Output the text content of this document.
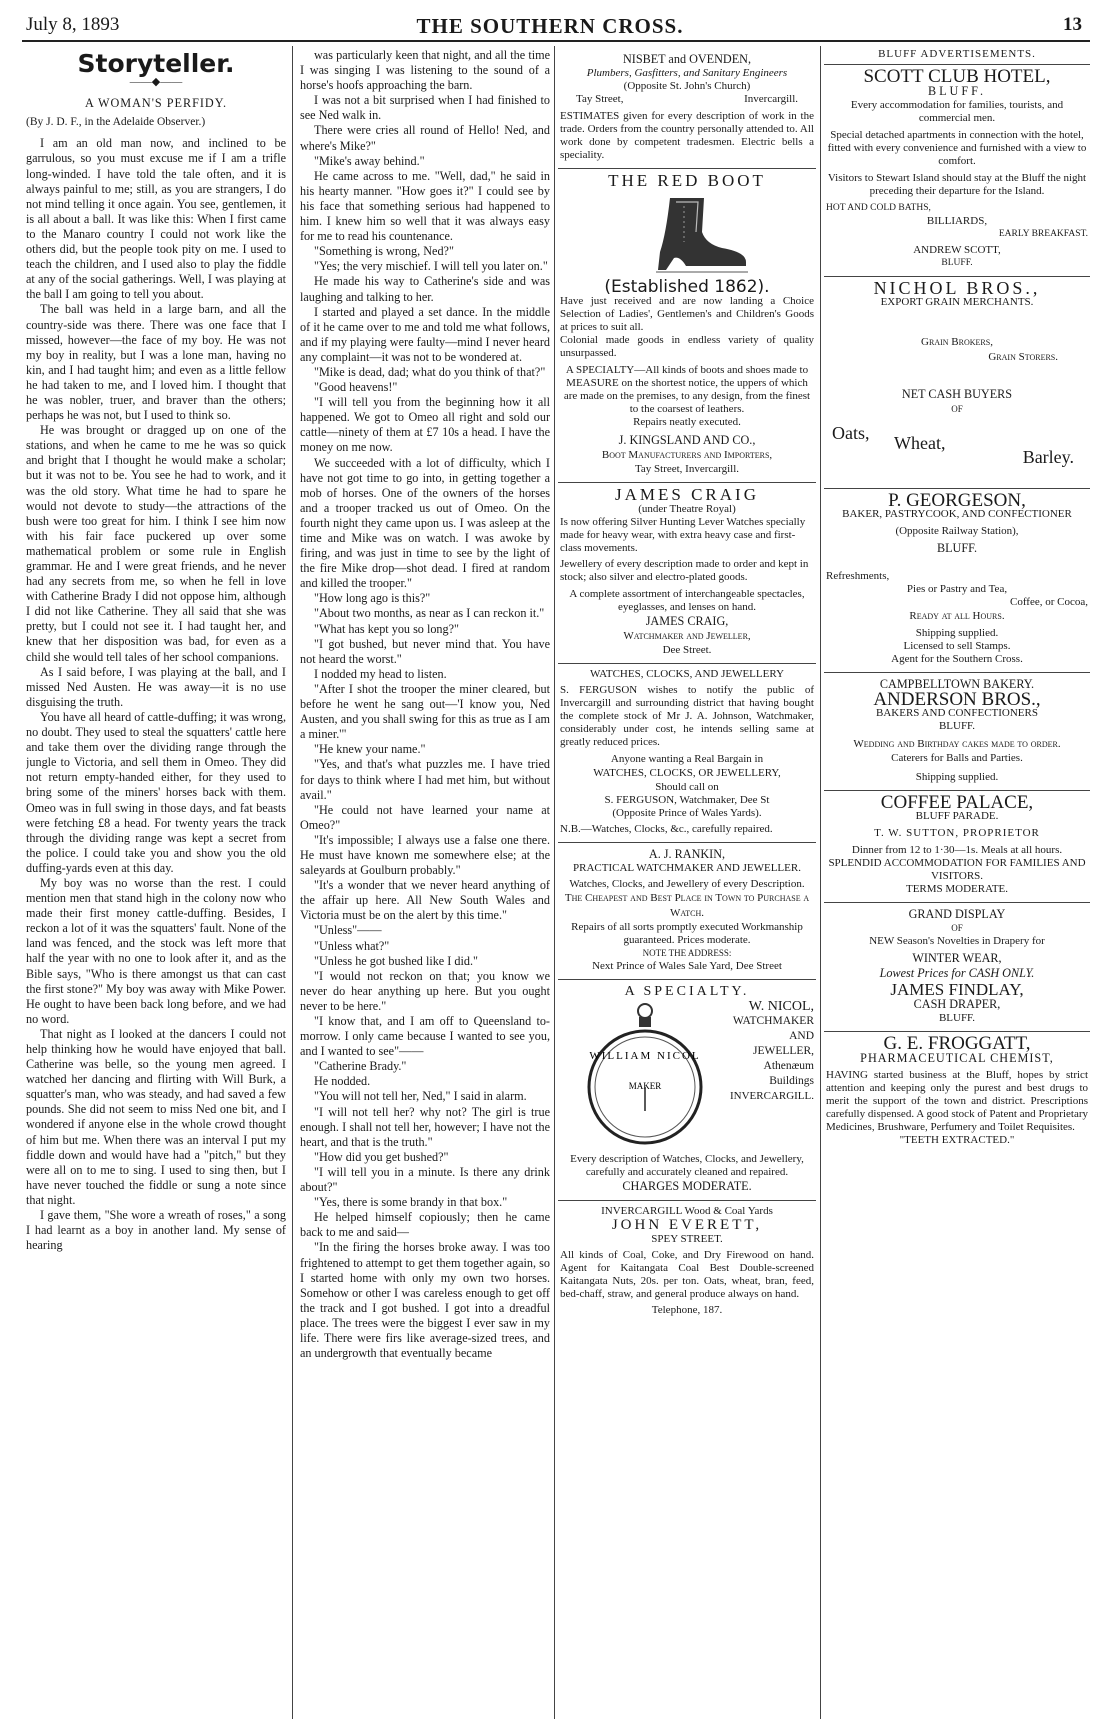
July 8, 1893	THE SOUTHERN CROSS.	13
Storyteller.
——◆——
A WOMAN'S PERFIDY.
(By J. D. F., in the Adelaide Observer.)

I am an old man now, and inclined to be garrulous, so you must excuse me if I am a trifle long-winded. I have told the tale often, and it is always painful to me; still, as you are strangers, I do not mind telling it once again. You see, gentlemen, it is all about a ball. It was like this: When I first came to the Manaro country I could not work like the others did, but the people took pity on me. I used to teach the children, and I used also to play the fiddle at any of the social gatherings. Well, I was playing at the ball I am going to tell you about.

The ball was held in a large barn, and all the country-side was there. There was one face that I missed, however—the face of my boy. He was not my boy in reality, but I was a lone man, having no kin, and I had taught him; and even as a little fellow he had taken to me, and I loved him. I thought that he was nobler, truer, and braver than the others; perhaps he was not, but I used to think so.

He was brought or dragged up on one of the stations, and when he came to me he was so quick and bright that I thought he would make a scholar; but it was not to be. You see he had to work, and it was the old story. What time he had to spare he would not devote to study—the attractions of the bush were too great for him. I think I see him now with his fair face puckered up over some mathematical problem or some rule in English grammar. He and I were great friends, and he never had any secrets from me, so when he fell in love with Catherine Brady I did not oppose him, although I did not like Catherine. They all said that she was pretty, but I could not see it. I had taught her, and knew that her disposition was bad, for even as a child she would tell tales of her school companions.

As I said before, I was playing at the ball, and I missed Ned Austen. He was away—it is no use disguising the truth.

You have all heard of cattle-duffing; it was wrong, no doubt. They used to steal the squatters' cattle here and take them over the dividing range through the jungle to Victoria, and sell them in Omeo. They did not return empty-handed either, for they used to bring some of the miners' horses back with them. Omeo was in full swing in those days, and fat beasts were fetching £8 a head. For twenty years the track through the dividing range was kept a secret from the police. I could take you and show you the old duffing-yards even at this day.

My boy was no worse than the rest. I could mention men that stand high in the colony now who made their first money cattle-duffing. Besides, I reckon a lot of it was the squatters' fault. None of the land was fenced, and the stock was left more that half the year with no one to look after it, and as the Bible says, "Who is there amongst us that can cast the first stone?" My boy was away with Mike Power. He ought to have been back long before, and we had no word.

That night as I looked at the dancers I could not help thinking how he would have enjoyed that ball. Catherine was belle, so the young men agreed. I watched her dancing and flirting with Will Burk, a squatter's man, who was steady, and had saved a few pounds. She did not seem to miss Ned one bit, and I wondered if anyone else in the whole crowd thought of him but me. When there was an interval I put my fiddle down and would have had a "pitch," but they were all on to me to sing. I used to sing then, but I have never touched the fiddle or sung a note since that night.

I gave them, "She wore a wreath of roses," a song I had learnt as a boy in another land. My sense of hearing

was particularly keen that night, and all the time I was singing I was listening to the sound of a horse's hoofs approaching the barn.

I was not a bit surprised when I had finished to see Ned walk in.

There were cries all round of Hello! Ned, and where's Mike?"

"Mike's away behind."

He came across to me. "Well, dad," he said in his hearty manner. "How goes it?" I could see by his face that something serious had happened to him. I knew him so well that it was always easy for me to read his countenance.

"Something is wrong, Ned?"

"Yes; the very mischief. I will tell you later on."

He made his way to Catherine's side and was laughing and talking to her.

I started and played a set dance. In the middle of it he came over to me and told me what follows, and if my playing were faulty—mind I never heard any complaint—it was not to be wondered at.

"Mike is dead, dad; what do you think of that?"

"Good heavens!"

"I will tell you from the beginning how it all happened. We got to Omeo all right and sold our cattle—ninety of them at £7 10s a head. I have the money on me now.

We succeeded with a lot of difficulty, which I have not got time to go into, in getting together a mob of horses. One of the owners of the horses and a trooper tracked us out of Omeo. On the fourth night they came upon us. I was asleep at the time and Mike was on watch. I was awoke by firing, and was just in time to see by the light of the fire Mike drop—shot dead. I fired at random and killed the trooper."

"How long ago is this?"

"About two months, as near as I can reckon it."

"What has kept you so long?"

"I got bushed, but never mind that. You have not heard the worst."

I nodded my head to listen.

"After I shot the trooper the miner cleared, but before he went he sang out—'I know you, Ned Austen, and you shall swing for this as true as I am a miner.'"

"He knew your name."

"Yes, and that's what puzzles me. I have tried for days to think where I had met him, but without avail."

"He could not have learned your name at Omeo?"

"It's impossible; I always use a false one there. He must have known me somewhere else; at the saleyards at Goulburn probably."

"It's a wonder that we never heard anything of the affair up here. All New South Wales and Victoria must be on the alert by this time."

"Unless"——

"Unless what?"

"Unless he got bushed like I did."

"I would not reckon on that; you know we never do hear anything up here. But you ought never to be here."

"I know that, and I am off to Queensland to-morrow. I only came because I wanted to see you, and I wanted to see"——

"Catherine Brady."

He nodded.

"You will not tell her, Ned," I said in alarm.

"I will not tell her? why not? The girl is true enough. I shall not tell her, however; I have not the heart, and that is the truth."

"How did you get bushed?"

"I will tell you in a minute. Is there any drink about?"

"Yes, there is some brandy in that box."

He helped himself copiously; then he came back to me and said—

"In the firing the horses broke away. I was too frightened to attempt to get them together again, so I started home with only my own two horses. Somehow or other I was careless enough to get off the track and I got bushed. I got into a dreadful place. The trees were the biggest I ever saw in my life. There were firs like average-sized trees, and an undergrowth that eventually became

NISBET and OVENDEN,
Plumbers, Gasfitters, and Sanitary Engineers
(Opposite St. John's Church)
Tay Street,	Invercargill.
ESTIMATES given for every description of work in the trade. Orders from the country personally attended to. All work done by competent tradesmen. Electric bells a speciality.
THE RED BOOT
(Established 1862).
Have just received and are now landing a Choice Selection of Ladies', Gentlemen's and Children's Goods at prices to suit all.
Colonial made goods in endless variety of quality unsurpassed.
A SPECIALTY—All kinds of boots and shoes made to MEASURE on the shortest notice, the uppers of which are made on the premises, to any design, from the finest to the coarsest of leathers.
Repairs neatly executed.
J. KINGSLAND AND CO.,
Boot Manufacturers and Importers,
Tay Street, Invercargill.
JAMES CRAIG
(under Theatre Royal)
Is now offering Silver Hunting Lever Watches specially made for heavy wear, with extra heavy case and first-class movements.
Jewellery of every description made to order and kept in stock; also silver and electro-plated goods.
A complete assortment of interchangeable spectacles, eyeglasses, and lenses on hand.
JAMES CRAIG,
Watchmaker and Jeweller,
Dee Street.
WATCHES, CLOCKS, AND JEWELLERY
S. FERGUSON wishes to notify the public of Invercargill and surrounding district that having bought the complete stock of Mr J. A. Johnson, Watchmaker, considerably under cost, he intends selling same at greatly reduced prices.
Anyone wanting a Real Bargain in
WATCHES, CLOCKS, OR JEWELLERY,
Should call on
S. FERGUSON, Watchmaker, Dee St
(Opposite Prince of Wales Yards).
N.B.—Watches, Clocks, &c., carefully repaired.
A. J. RANKIN,
PRACTICAL WATCHMAKER AND JEWELLER.
Watches, Clocks, and Jewellery of every Description.
The Cheapest and Best Place in Town to Purchase a Watch.
Repairs of all sorts promptly executed Workmanship guaranteed. Prices moderate.
NOTE THE ADDRESS:
Next Prince of Wales Sale Yard, Dee Street
A SPECIALTY.
MAKER
WILLIAM NICOL
W. NICOL,
WATCHMAKER
AND
JEWELLER,
Athenæum
Buildings
INVERCARGILL.
Every description of Watches, Clocks, and Jewellery, carefully and accurately cleaned and repaired.
CHARGES MODERATE.
INVERCARGILL Wood & Coal Yards
JOHN EVERETT,
SPEY STREET.
All kinds of Coal, Coke, and Dry Firewood on hand. Agent for Kaitangata Coal Best Double-screened Kaitangata Nuts, 20s. per ton. Oats, wheat, bran, feed, bed-chaff, straw, and general produce always on hand.
Telephone, 187.
BLUFF ADVERTISEMENTS.
SCOTT CLUB HOTEL,
BLUFF.
Every accommodation for families, tourists, and commercial men.
Special detached apartments in connection with the hotel, fitted with every convenience and furnished with a view to comfort.
Visitors to Stewart Island should stay at the Bluff the night preceding their departure for the Island.
HOT AND COLD BATHS,
BILLIARDS,
EARLY BREAKFAST.
ANDREW SCOTT,
BLUFF.
NICHOL BROS.,
EXPORT GRAIN MERCHANTS.
Grain Brokers,
Grain Storers.
NET CASH BUYERS
OF
Oats, Wheat,
Barley.
P. GEORGESON,
BAKER, PASTRYCOOK, AND CONFECTIONER
(Opposite Railway Station),
BLUFF.
Refreshments,
Pies or Pastry and Tea,
Coffee, or Cocoa,
Ready at all Hours.
Shipping supplied.
Licensed to sell Stamps.
Agent for the Southern Cross.
CAMPBELLTOWN BAKERY.
ANDERSON BROS.,
BAKERS AND CONFECTIONERS
BLUFF.
Wedding and Birthday cakes made to order.
Caterers for Balls and Parties.
Shipping supplied.
COFFEE PALACE,
BLUFF PARADE.
T. W. SUTTON, PROPRIETOR
Dinner from 12 to 1·30—1s. Meals at all hours.
SPLENDID ACCOMMODATION FOR FAMILIES AND VISITORS.
TERMS MODERATE.
GRAND DISPLAY
OF
NEW Season's Novelties in Drapery for
WINTER WEAR,
Lowest Prices for CASH ONLY.
JAMES FINDLAY,
CASH DRAPER,
BLUFF.
G. E. FROGGATT,
PHARMACEUTICAL CHEMIST,
HAVING started business at the Bluff, hopes by strict attention and keeping only the purest and best drugs to merit the support of the town and district. Prescriptions carefully dispensed. A good stock of Patent and Proprietary Medicines, Brushware, Perfumery and Toilet Requisites.
"TEETH EXTRACTED."
